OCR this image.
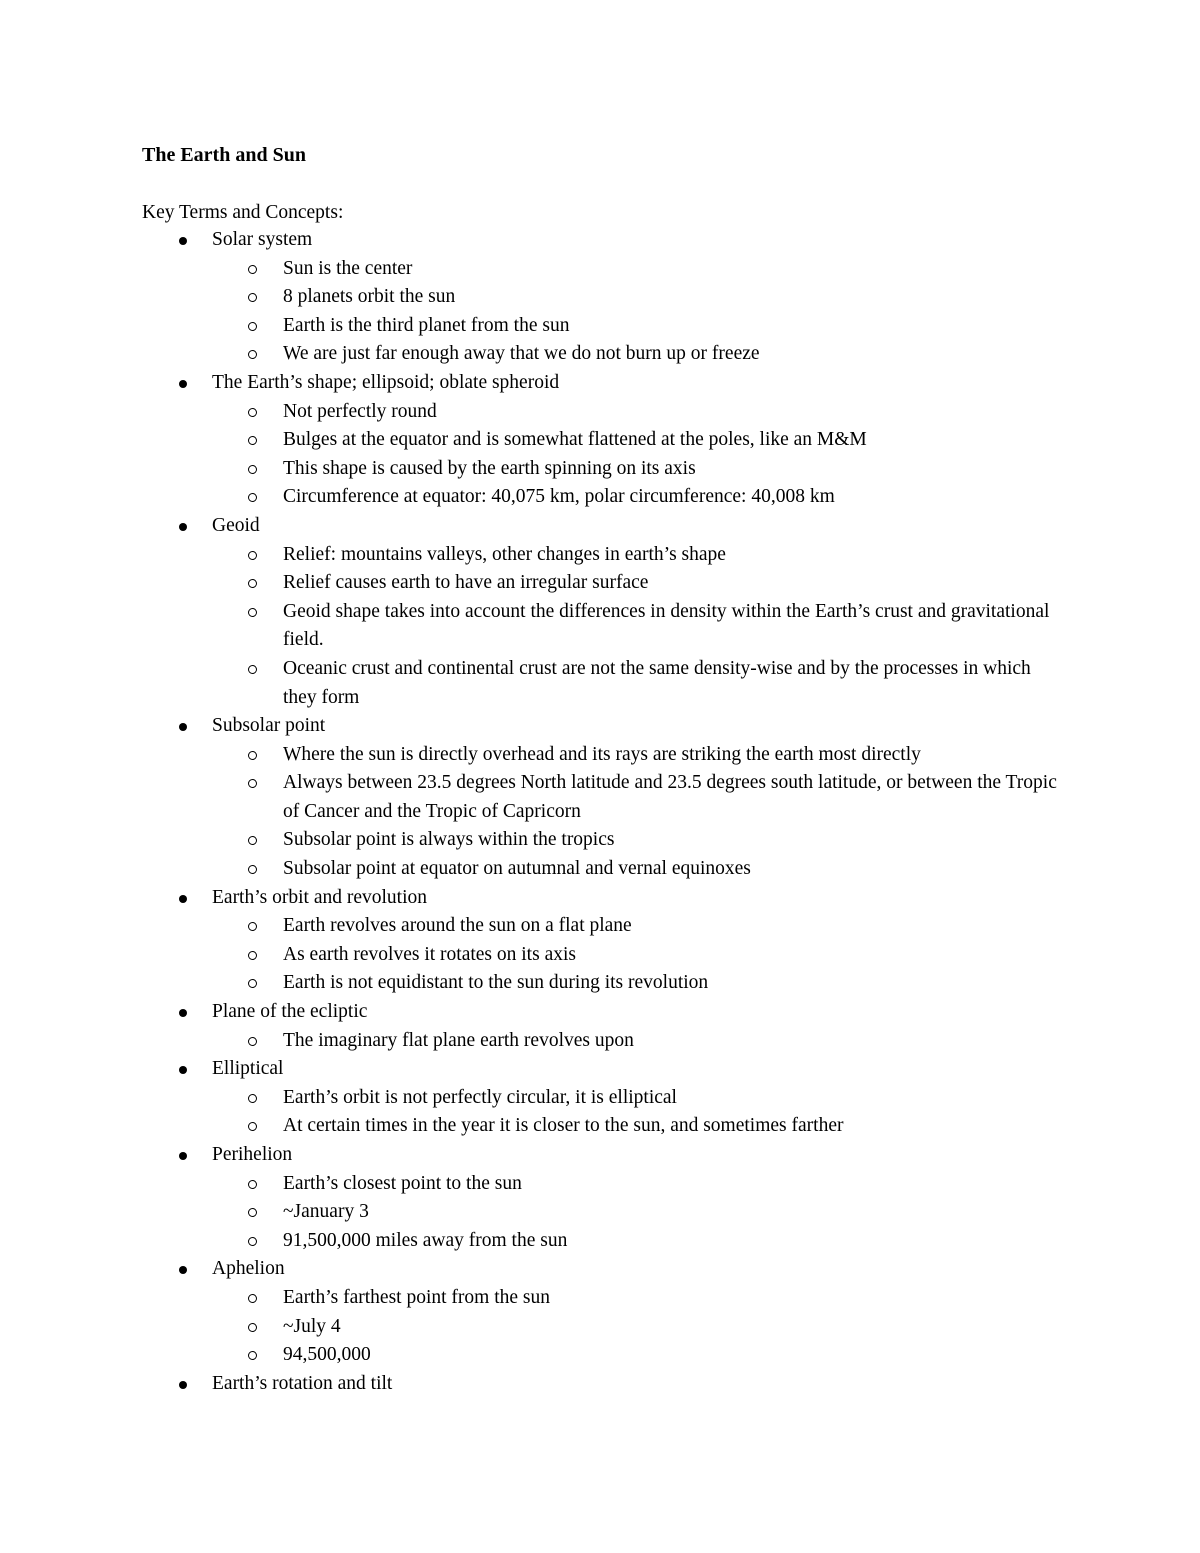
The Earth and Sun
Key Terms and Concepts:
Solar system
Sun is the center
8 planets orbit the sun
Earth is the third planet from the sun
We are just far enough away that we do not burn up or freeze
The Earth’s shape; ellipsoid; oblate spheroid
Not perfectly round
Bulges at the equator and is somewhat flattened at the poles, like an M&M
This shape is caused by the earth spinning on its axis
Circumference at equator: 40,075 km, polar circumference: 40,008 km
Geoid
Relief: mountains valleys, other changes in earth’s shape
Relief causes earth to have an irregular surface
Geoid shape takes into account the differences in density within the Earth’s crust and gravitational field.
Oceanic crust and continental crust are not the same density-wise and by the processes in which they form
Subsolar point
Where the sun is directly overhead and its rays are striking the earth most directly
Always between 23.5 degrees North latitude and 23.5 degrees south latitude, or between the Tropic of Cancer and the Tropic of Capricorn
Subsolar point is always within the tropics
Subsolar point at equator on autumnal and vernal equinoxes
Earth’s orbit and revolution
Earth revolves around the sun on a flat plane
As earth revolves it rotates on its axis
Earth is not equidistant to the sun during its revolution
Plane of the ecliptic
The imaginary flat plane earth revolves upon
Elliptical
Earth’s orbit is not perfectly circular, it is elliptical
At certain times in the year it is closer to the sun, and sometimes farther
Perihelion
Earth’s closest point to the sun
~January 3
91,500,000 miles away from the sun
Aphelion
Earth’s farthest point from the sun
~July 4
94,500,000
Earth’s rotation and tilt
